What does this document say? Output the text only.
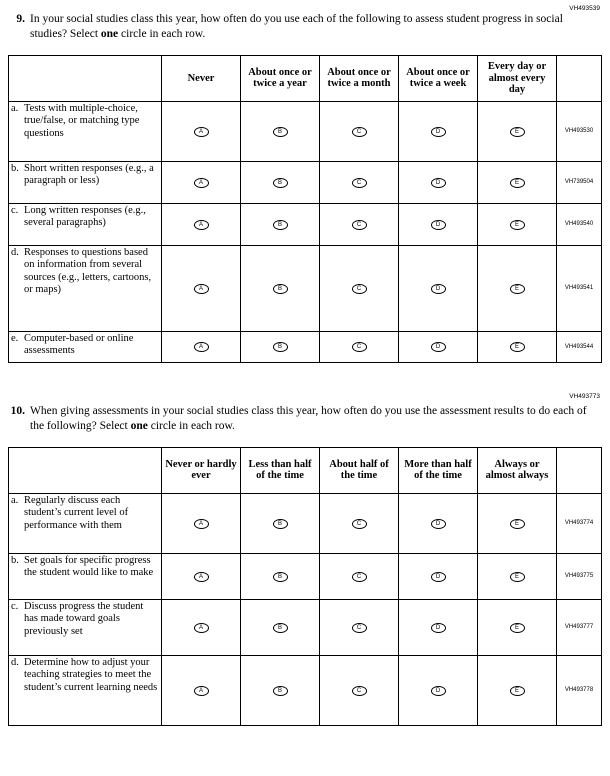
VH493539
9. In your social studies class this year, how often do you use each of the following to assess student progress in social studies? Select one circle in each row.
	Never	About once or twice a year	About once or twice a month	About once or twice a week	Every day or almost every day	

a. Tests with multiple-choice, true/false, or matching type questions	A	B	C	D	E	VH493530

b. Short written responses (e.g., a paragraph or less)	A	B	C	D	E	VH739504

c. Long written responses (e.g., several paragraphs)	A	B	C	D	E	VH493540

d. Responses to questions based on information from several sources (e.g., letters, cartoons, or maps)	A	B	C	D	E	VH493541

e. Computer-based or online assessments	A	B	C	D	E	VH493544
VH493773
10. When giving assessments in your social studies class this year, how often do you use the assessment results to do each of the following? Select one circle in each row.
	Never or hardly ever	Less than half of the time	About half of the time	More than half of the time	Always or almost always	

a. Regularly discuss each student’s current level of performance with them	A	B	C	D	E	VH493774

b. Set goals for specific progress the student would like to make	A	B	C	D	E	VH493775

c. Discuss progress the student has made toward goals previously set	A	B	C	D	E	VH493777

d. Determine how to adjust your teaching strategies to meet the student’s current learning needs	A	B	C	D	E	VH493778
